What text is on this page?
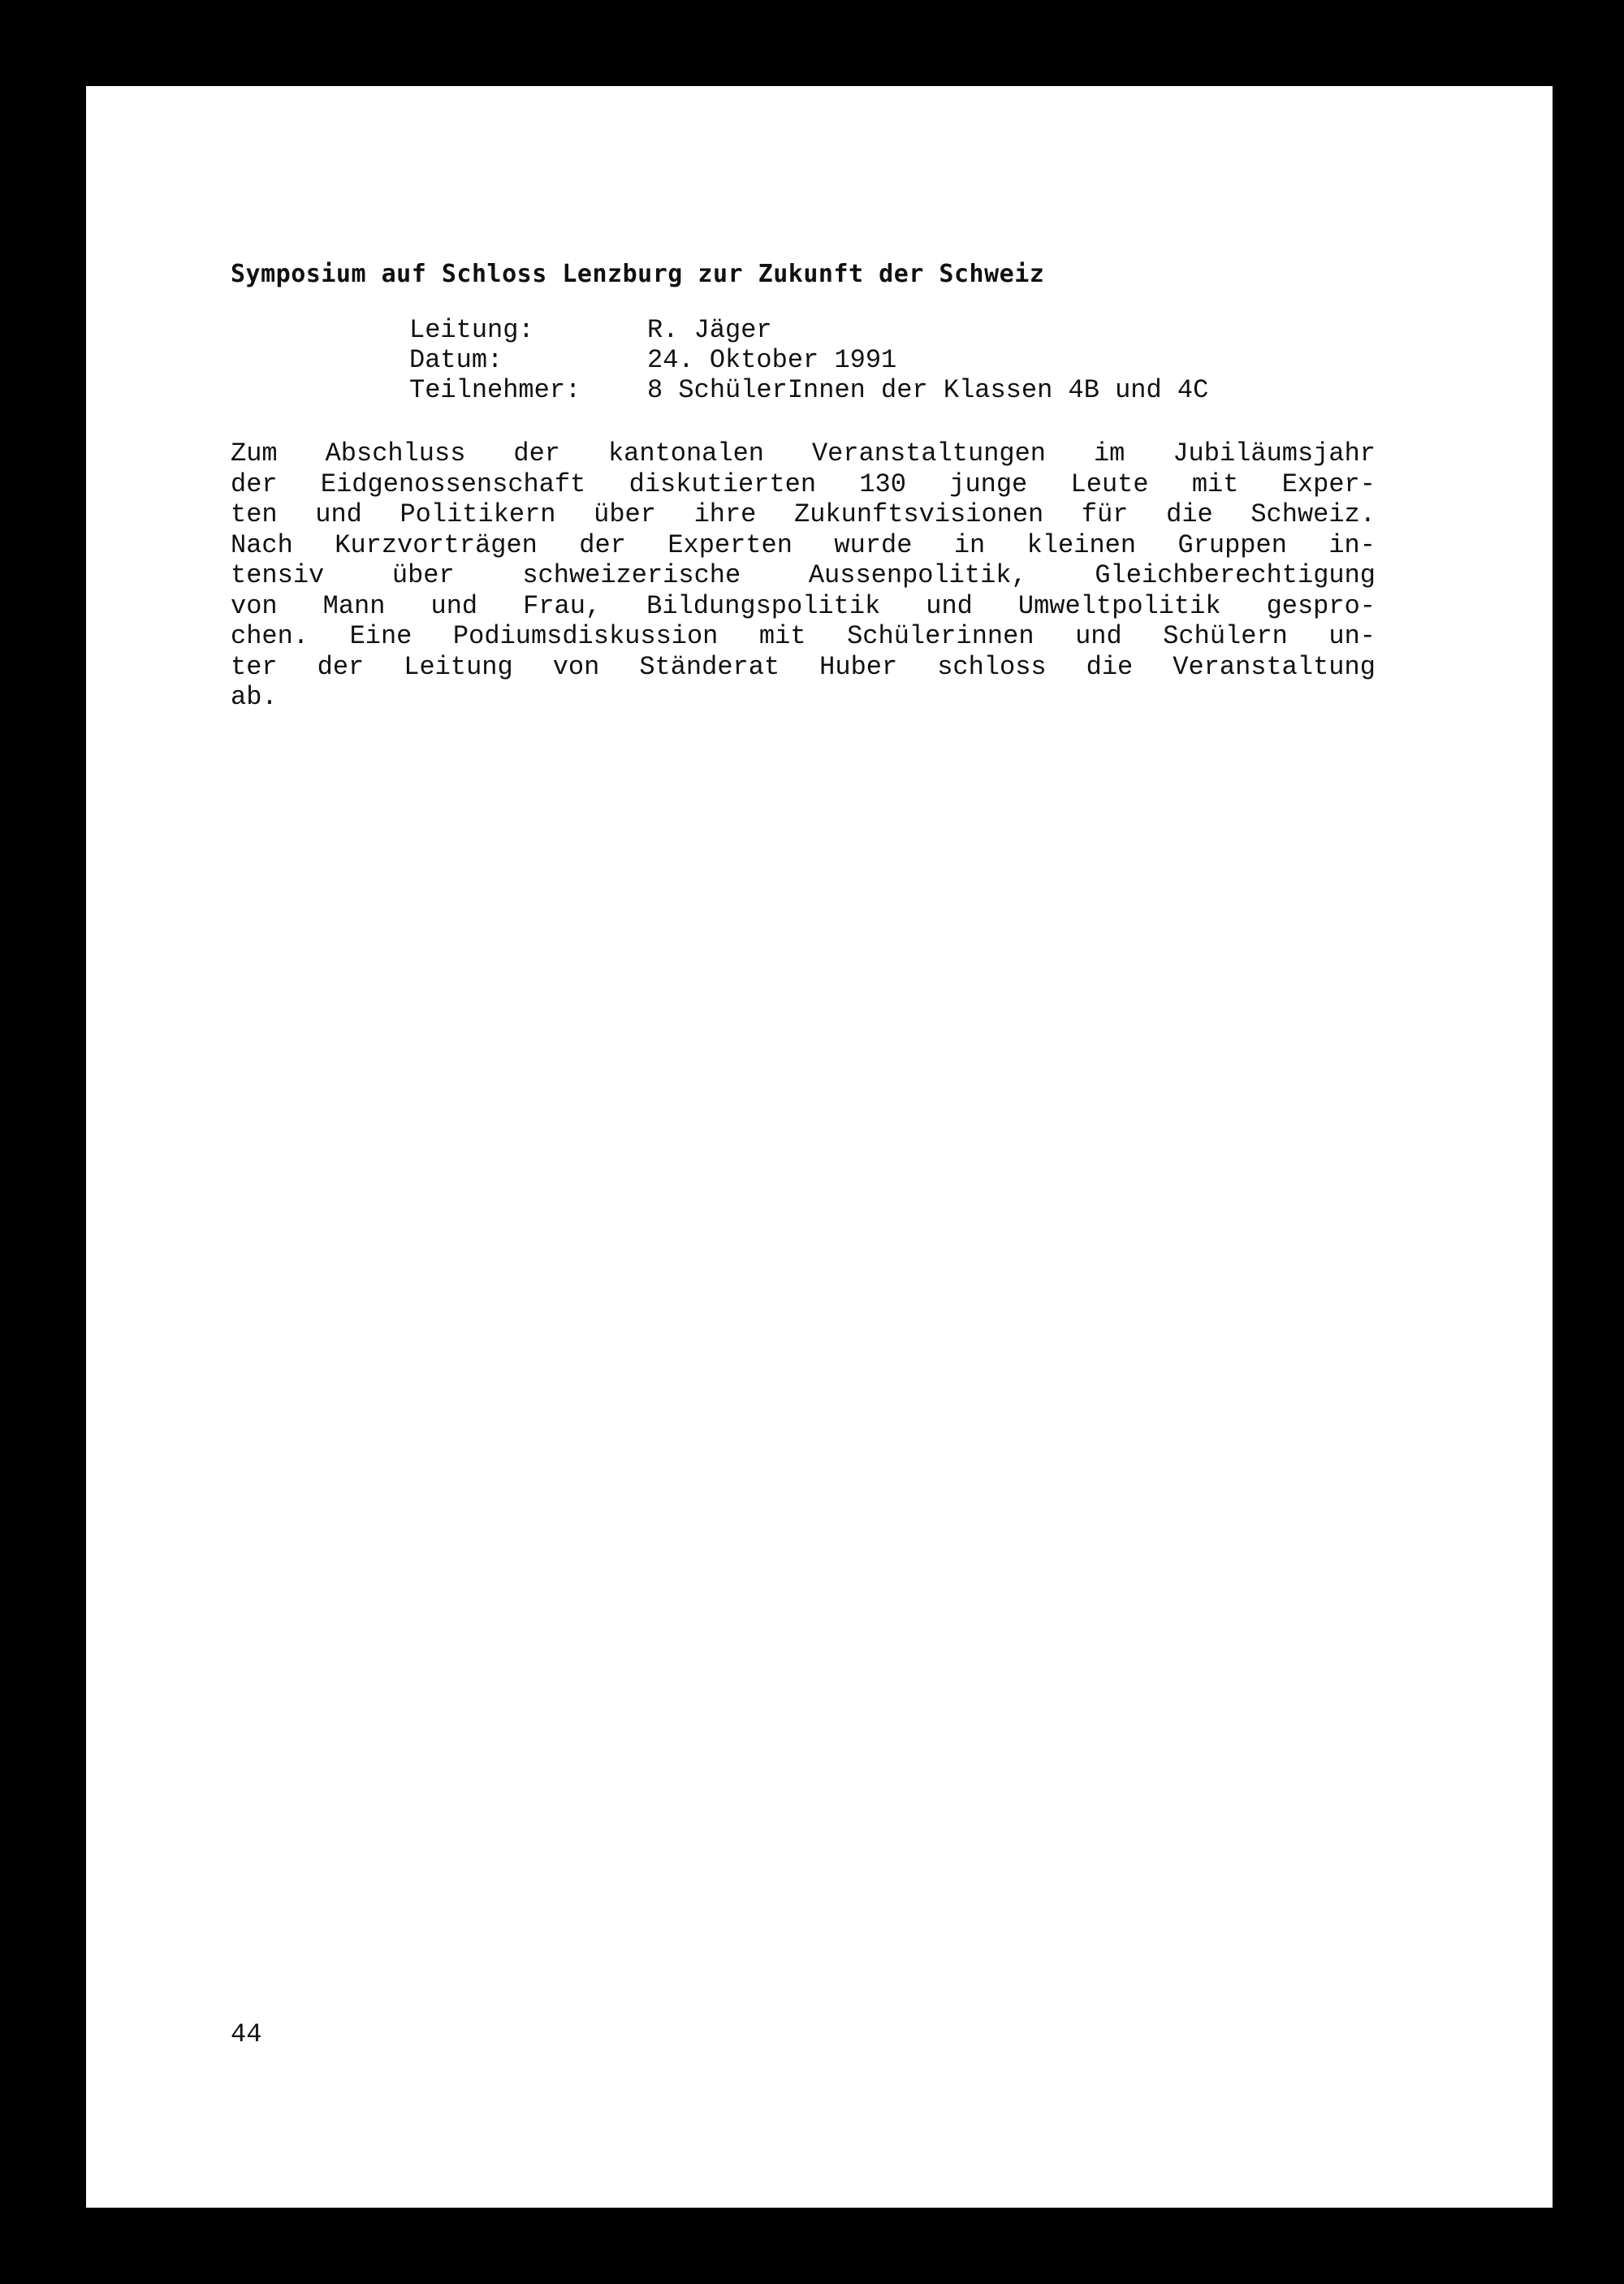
Symposium auf Schloss Lenzburg zur Zukunft der Schweiz
Leitung:	R. Jäger
Datum:	24. Oktober 1991
Teilnehmer:	8 SchülerInnen der Klassen 4B und 4C
Zum Abschluss der kantonalen Veranstaltungen im Jubiläumsjahr
der Eidgenossenschaft diskutierten 130 junge Leute mit Exper-
ten und Politikern über ihre Zukunftsvisionen für die Schweiz.
Nach Kurzvorträgen der Experten wurde in kleinen Gruppen in-
tensiv	über	schweizerische	Aussenpolitik,	Gleichberechtigung
von Mann und Frau, Bildungspolitik und Umweltpolitik gespro-
chen. Eine Podiumsdiskussion mit Schülerinnen und Schülern un-
ter der Leitung von Ständerat Huber schloss die Veranstaltung
ab.
44
